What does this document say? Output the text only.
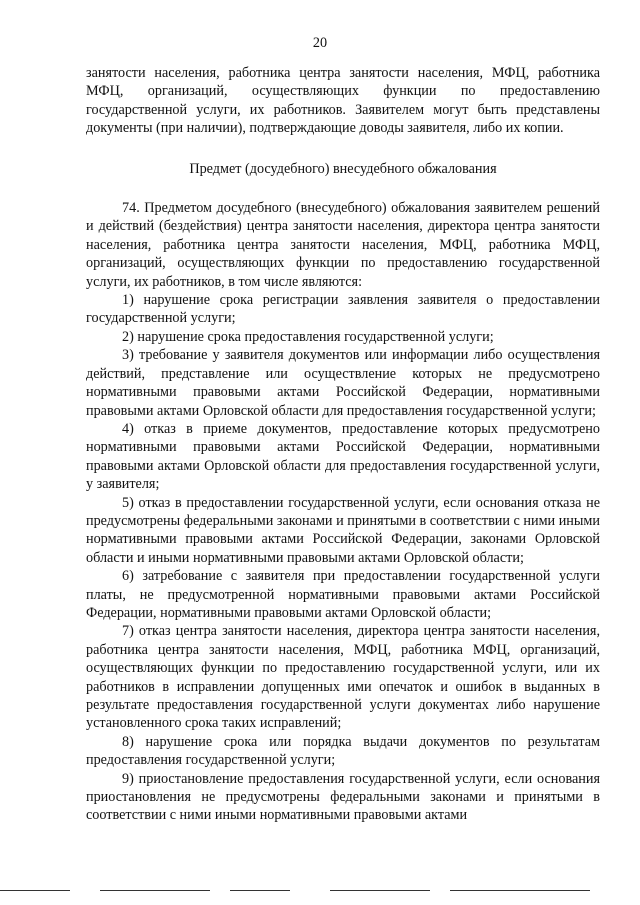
20

занятости населения, работника центра занятости населения, МФЦ, работника МФЦ, организаций, осуществляющих функции по предоставлению государственной услуги, их работников. Заявителем могут быть представлены документы (при наличии), подтверждающие доводы заявителя, либо их копии.

Предмет (досудебного) внесудебного обжалования

74. Предметом досудебного (внесудебного) обжалования заявителем решений и действий (бездействия) центра занятости населения, директора центра занятости населения, работника центра занятости населения, МФЦ, работника МФЦ, организаций, осуществляющих функции по предоставлению государственной услуги, их работников, в том числе являются:

1) нарушение срока регистрации заявления заявителя о предоставлении государственной услуги;

2) нарушение срока предоставления государственной услуги;

3) требование у заявителя документов или информации либо осуществления действий, представление или осуществление которых не предусмотрено нормативными правовыми актами Российской Федерации, нормативными правовыми актами Орловской области для предоставления государственной услуги;

4) отказ в приеме документов, предоставление которых предусмотрено нормативными правовыми актами Российской Федерации, нормативными правовыми актами Орловской области для предоставления государственной услуги, у заявителя;

5) отказ в предоставлении государственной услуги, если основания отказа не предусмотрены федеральными законами и принятыми в соответствии с ними иными нормативными правовыми актами Российской Федерации, законами Орловской области и иными нормативными правовыми актами Орловской области;

6) затребование с заявителя при предоставлении государственной услуги платы, не предусмотренной нормативными правовыми актами Российской Федерации, нормативными правовыми актами Орловской области;

7) отказ центра занятости населения, директора центра занятости населения, работника центра занятости населения, МФЦ, работника МФЦ, организаций, осуществляющих функции по предоставлению государственной услуги, или их работников в исправлении допущенных ими опечаток и ошибок в выданных в результате предоставления государственной услуги документах либо нарушение установленного срока таких исправлений;

8) нарушение срока или порядка выдачи документов по результатам предоставления государственной услуги;

9) приостановление предоставления государственной услуги, если основания приостановления не предусмотрены федеральными законами и принятыми в соответствии с ними иными нормативными правовыми актами
